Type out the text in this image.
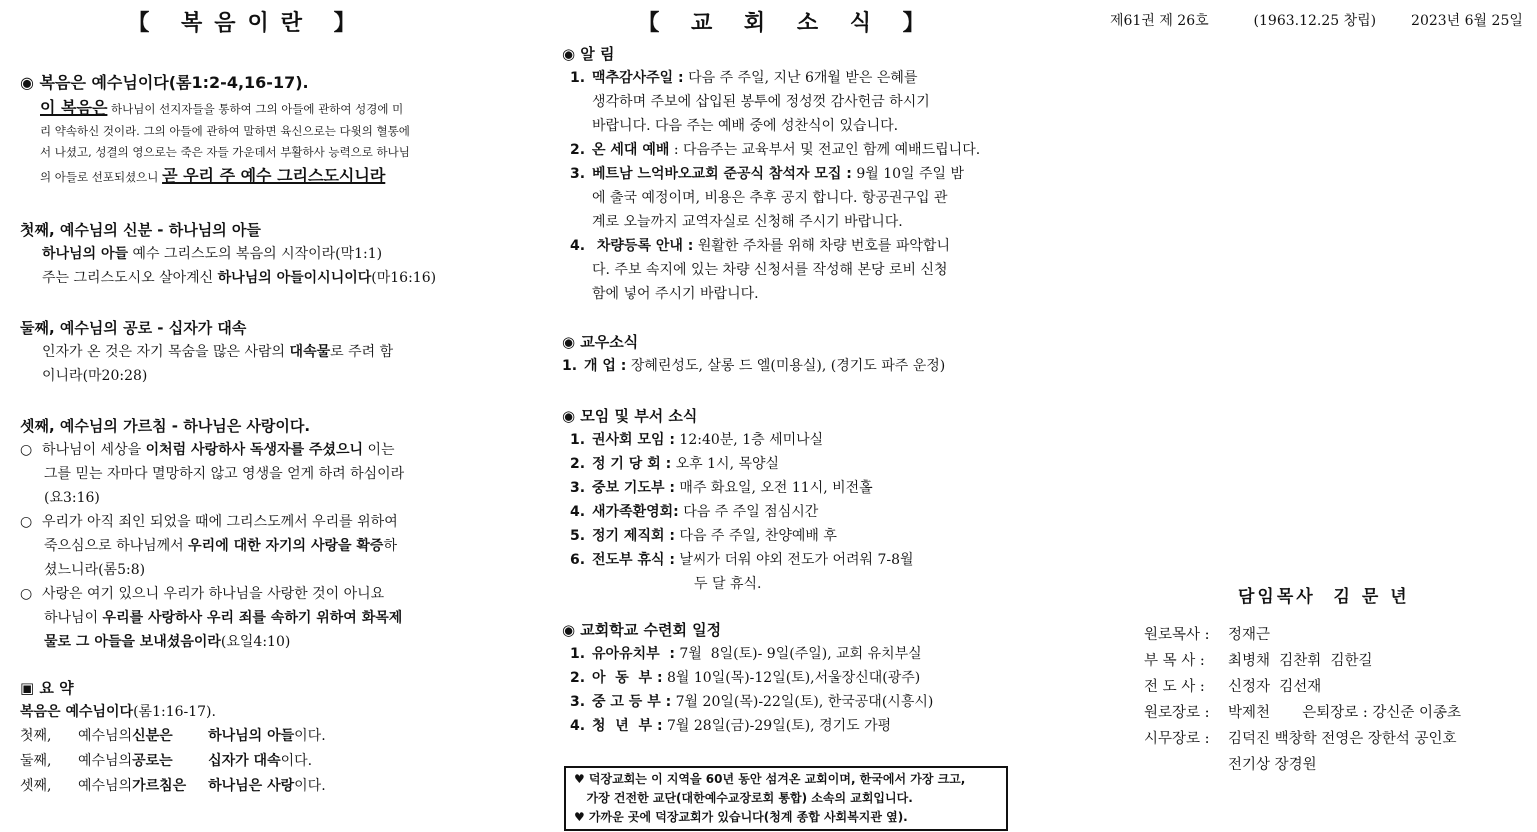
【 복음이란 】
◉ 복음은 예수님이다(롬1:2-4,16-17).
이 복음은 하나님이 선지자들을 통하여 그의 아들에 관하여 성경에 미
리 약속하신 것이라. 그의 아들에 관하여 말하면 육신으로는 다윗의 혈통에
서 나셨고, 성결의 영으로는 죽은 자들 가운데서 부활하사 능력으로 하나님
의 아들로 선포되셨으니 곧 우리 주 예수 그리스도시니라
첫째, 예수님의 신분 - 하나님의 아들
하나님의 아들 예수 그리스도의 복음의 시작이라(막1:1)
주는 그리스도시오 살아계신 하나님의 아들이시니이다(마16:16)
둘째, 예수님의 공로 - 십자가 대속
인자가 온 것은 자기 목숨을 많은 사람의 대속물로 주려 함
이니라(마20:28)
셋째, 예수님의 가르침 - 하나님은 사랑이다.
○ 하나님이 세상을 이처럼 사랑하사 독생자를 주셨으니 이는
그를 믿는 자마다 멸망하지 않고 영생을 얻게 하려 하심이라
(요3:16)
○ 우리가 아직 죄인 되었을 때에 그리스도께서 우리를 위하여
죽으심으로 하나님께서 우리에 대한 자기의 사랑을 확증하
셨느니라(롬5:8)
○ 사랑은 여기 있으니 우리가 하나님을 사랑한 것이 아니요
하나님이 우리를 사랑하사 우리 죄를 속하기 위하여 화목제
물로 그 아들을 보내셨음이라(요일4:10)
▣ 요 약
복음은 예수님이다(롬1:16-17).
첫째, 예수님의신분은	하나님의 아들이다.
둘째, 예수님의공로는	십자가 대속이다.
셋째, 예수님의가르침은 하나님은 사랑이다.
【 교 회 소 식 】
◉ 알 림
1. 맥추감사주일 : 다음 주 주일, 지난 6개월 받은 은혜를
생각하며 주보에 삽입된 봉투에 정성껏 감사헌금 하시기
바랍니다. 다음 주는 예배 중에 성찬식이 있습니다.
2. 온 세대 예배 : 다음주는 교육부서 및 전교인 함께 예배드립니다.
3. 베트남 느억바오교회 준공식 참석자 모집 : 9월 10일 주일 밤
에 출국 예정이며, 비용은 추후 공지 합니다. 항공권구입 관
계로 오늘까지 교역자실로 신청해 주시기 바랍니다.
4. 차량등록 안내 : 원활한 주차를 위해 차량 번호를 파악합니
다. 주보 속지에 있는 차량 신청서를 작성해 본당 로비 신청
함에 넣어 주시기 바랍니다.
◉ 교우소식
1. 개 업 : 장혜린성도, 살롱 드 엘(미용실), (경기도 파주 운정)
◉ 모임 및 부서 소식
1. 권사회 모임 : 12:40분, 1층 세미나실
2. 정 기 당 회 : 오후 1시, 목양실
3. 중보 기도부 : 매주 화요일, 오전 11시, 비전홀
4. 새가족환영회: 다음 주 주일 점심시간
5. 정기 제직회 : 다음 주 주일, 찬양예배 후
6. 전도부 휴식 : 날씨가 더워 야외 전도가 어려워 7-8월
두 달 휴식.
◉ 교회학교 수련회 일정
1. 유아유치부  : 7월  8일(토)- 9일(주일), 교회 유치부실
2. 아  동  부 : 8월 10일(목)-12일(토),서울장신대(광주)
3. 중 고 등 부 : 7월 20일(목)-22일(토), 한국공대(시흥시)
4. 청  년  부 : 7월 28일(금)-29일(토), 경기도 가평
♥ 덕장교회는 이 지역을 60년 동안 섬겨온 교회이며, 한국에서 가장 크고,
가장 건전한 교단(대한예수교장로회 통합) 소속의 교회입니다.
♥ 가까운 곳에 덕장교회가 있습니다(청계 종합 사회복지관 옆).
제61권 제 26호	(1963.12.25 창립) 2023년 6월 25일
담임목사  김 문 년
원로목사 : 정재근
부 목 사 : 최병채  김찬휘  김한길
전 도 사 : 신정자  김선재
원로장로 : 박제천       은퇴장로 : 강신준 이종초
시무장로 : 김덕진 백창학 전영은 장한석 공인호
전기상 장경원
